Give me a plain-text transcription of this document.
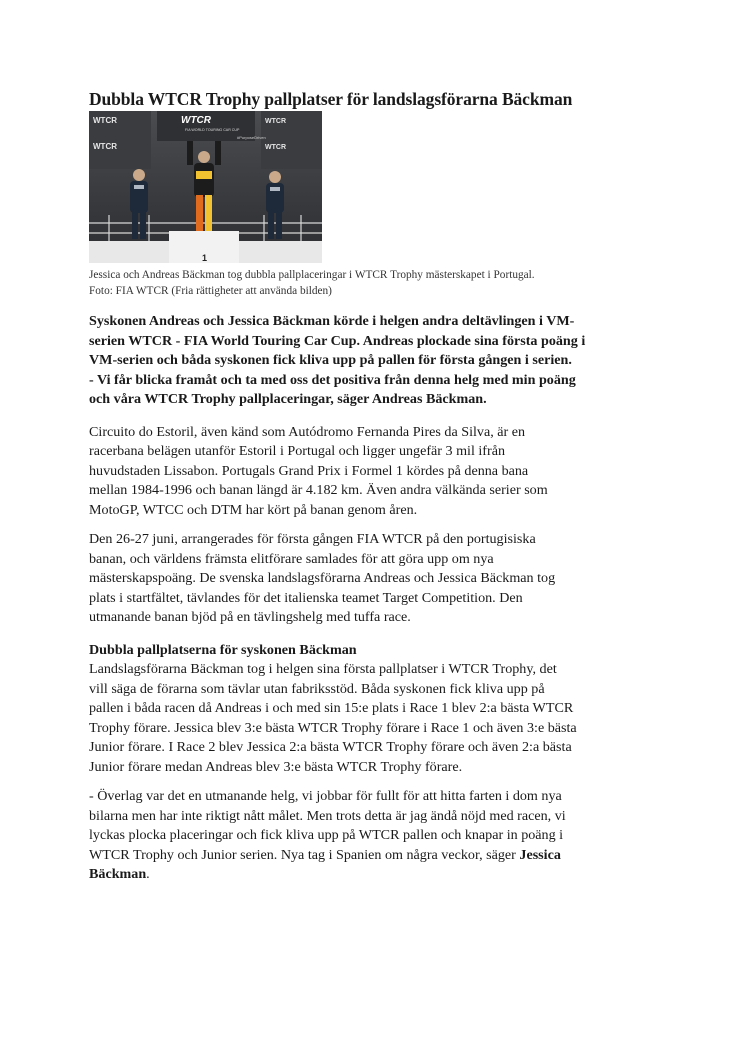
Dubbla WTCR Trophy pallplatser för landslagsförarna Bäckman
WTCR
WTCR
WTCR
FIA WORLD TOURING CAR CUP
WTCR
WTCR
#PurposeDriven
1
Jessica och Andreas Bäckman tog dubbla pallplaceringar i WTCR Trophy mästerskapet i Portugal.
Foto: FIA WTCR (Fria rättigheter att använda bilden)
Syskonen Andreas och Jessica Bäckman körde i helgen andra deltävlingen i VM-
serien WTCR - FIA World Touring Car Cup. Andreas plockade sina första poäng i
VM-serien och båda syskonen fick kliva upp på pallen för första gången i serien.
- Vi får blicka framåt och ta med oss det positiva från denna helg med min poäng
och våra WTCR Trophy pallplaceringar, säger Andreas Bäckman.
Circuito do Estoril, även känd som Autódromo Fernanda Pires da Silva, är en
racerbana belägen utanför Estoril i Portugal och ligger ungefär 3 mil ifrån
huvudstaden Lissabon. Portugals Grand Prix i Formel 1 kördes på denna bana
mellan 1984-1996 och banan längd är 4.182 km. Även andra välkända serier som
MotoGP, WTCC och DTM har kört på banan genom åren.
Den 26-27 juni, arrangerades för första gången FIA WTCR på den portugisiska
banan, och världens främsta elitförare samlades för att göra upp om nya
mästerskapspoäng. De svenska landslagsförarna Andreas och Jessica Bäckman tog
plats i startfältet, tävlandes för det italienska teamet Target Competition. Den
utmanande banan bjöd på en tävlingshelg med tuffa race.
Dubbla pallplatserna för syskonen Bäckman
Landslagsförarna Bäckman tog i helgen sina första pallplatser i WTCR Trophy, det
vill säga de förarna som tävlar utan fabriksstöd. Båda syskonen fick kliva upp på
pallen i båda racen då Andreas i och med sin 15:e plats i Race 1 blev 2:a bästa WTCR
Trophy förare. Jessica blev 3:e bästa WTCR Trophy förare i Race 1 och även 3:e bästa
Junior förare. I Race 2 blev Jessica 2:a bästa WTCR Trophy förare och även 2:a bästa
Junior förare medan Andreas blev 3:e bästa WTCR Trophy förare.
- Överlag var det en utmanande helg, vi jobbar för fullt för att hitta farten i dom nya
bilarna men har inte riktigt nått målet. Men trots detta är jag ändå nöjd med racen, vi
lyckas plocka placeringar och fick kliva upp på WTCR pallen och knapar in poäng i
WTCR Trophy och Junior serien. Nya tag i Spanien om några veckor, säger Jessica
Bäckman.
